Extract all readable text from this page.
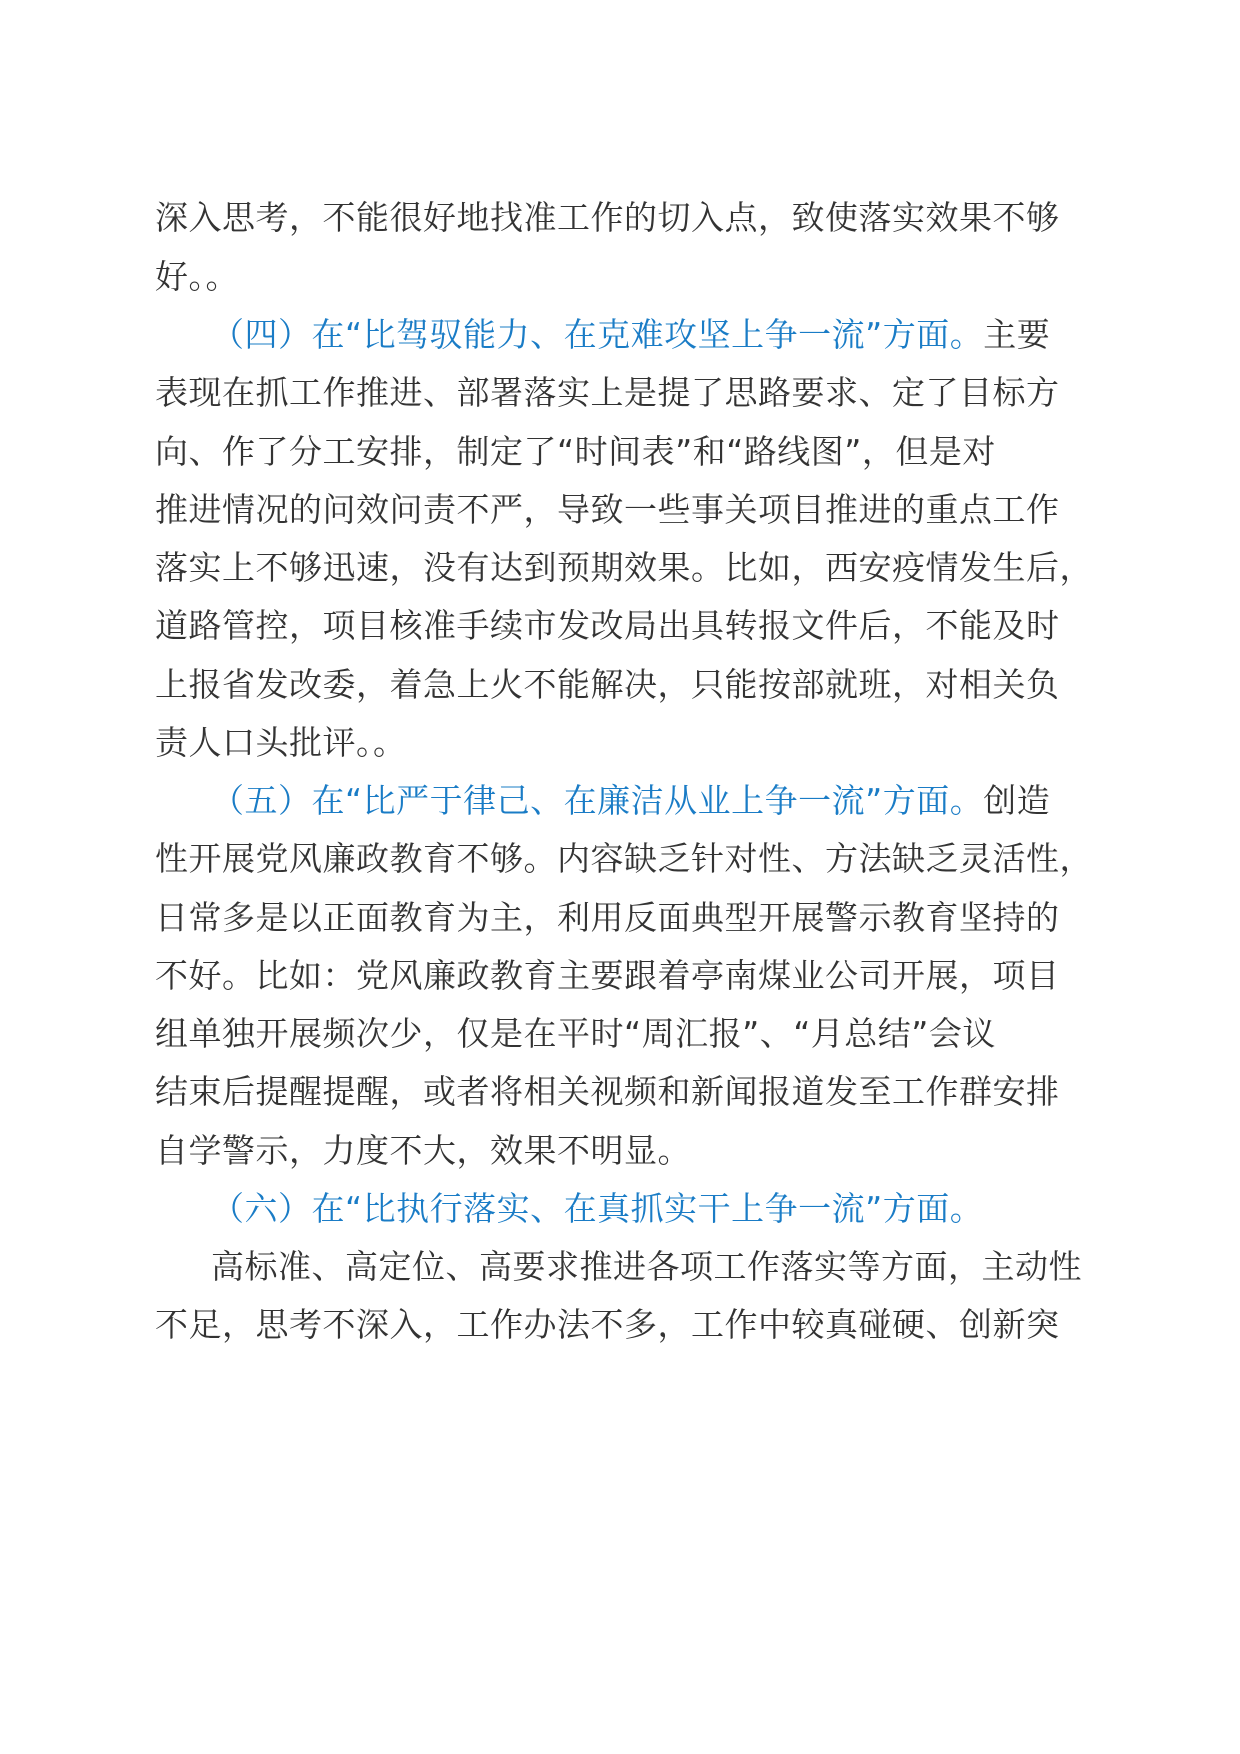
深入思考，不能很好地找准工作的切入点，致使落实效果不够
好。。
（四）在“比驾驭能力、在克难攻坚上争一流”方面。主要
表现在抓工作推进、部署落实上是提了思路要求、定了目标方
向、作了分工安排，制定了“时间表”和“路线图”，但是对
推进情况的问效问责不严，导致一些事关项目推进的重点工作
落实上不够迅速，没有达到预期效果。比如，西安疫情发生后，
道路管控，项目核准手续市发改局出具转报文件后，不能及时
上报省发改委，着急上火不能解决，只能按部就班，对相关负
责人口头批评。。
（五）在“比严于律己、在廉洁从业上争一流”方面。创造
性开展党风廉政教育不够。内容缺乏针对性、方法缺乏灵活性，
日常多是以正面教育为主，利用反面典型开展警示教育坚持的
不好。比如：党风廉政教育主要跟着亭南煤业公司开展，项目
组单独开展频次少，仅是在平时“周汇报”、“月总结”会议
结束后提醒提醒，或者将相关视频和新闻报道发至工作群安排
自学警示，力度不大，效果不明显。
（六）在“比执行落实、在真抓实干上争一流”方面。
高标准、高定位、高要求推进各项工作落实等方面，主动性
不足，思考不深入，工作办法不多，工作中较真碰硬、创新突
